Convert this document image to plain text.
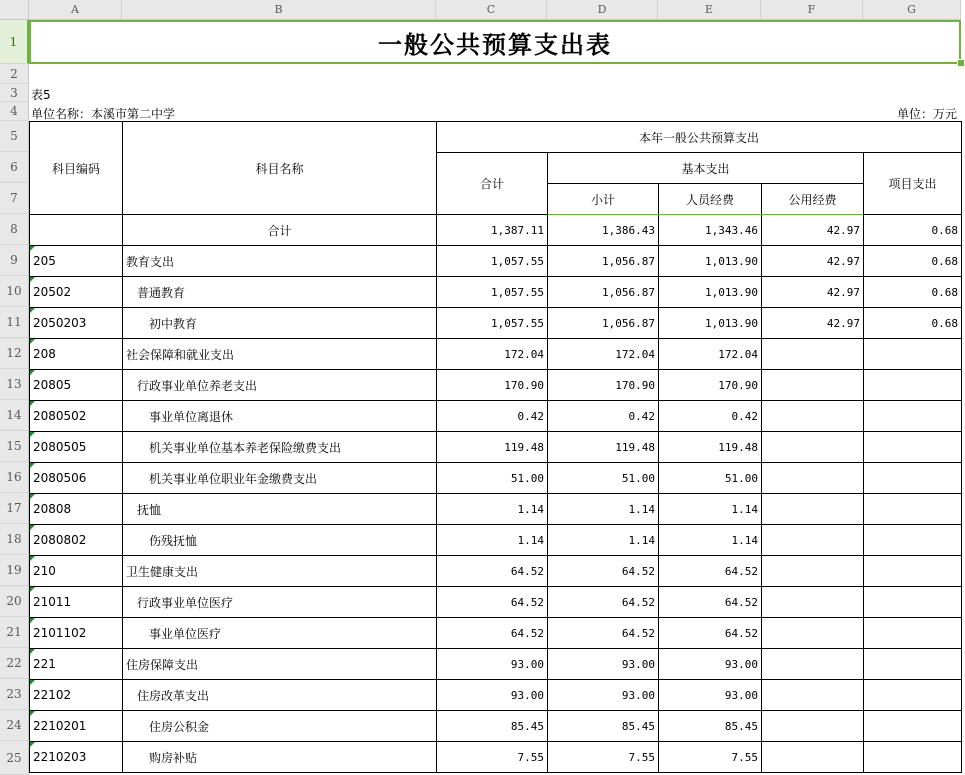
A	B	C	D	E	F	G
1
2
3
4
5
6
7
8
9
10
11
12
13
14
15
16
17
18
19
20
21
22
23
24
25
一般公共预算支出表
表5
单位名称：本溪市第二中学	单位：万元
科目编码	科目名称	本年一般公共预算支出				
		合计	基本支出			项目支出
			小计	人员经费	公用经费	
	合计	1,387.11	1,386.43	1,343.46	42.97	0.68

205	教育支出	1,057.55	1,056.87	1,013.90	42.97	0.68

20502	普通教育	1,057.55	1,056.87	1,013.90	42.97	0.68

2050203	初中教育	1,057.55	1,056.87	1,013.90	42.97	0.68

208	社会保障和就业支出	172.04	172.04	172.04		

20805	行政事业单位养老支出	170.90	170.90	170.90		

2080502	事业单位离退休	0.42	0.42	0.42		

2080505	机关事业单位基本养老保险缴费支出	119.48	119.48	119.48		

2080506	机关事业单位职业年金缴费支出	51.00	51.00	51.00		

20808	抚恤	1.14	1.14	1.14		

2080802	伤残抚恤	1.14	1.14	1.14		

210	卫生健康支出	64.52	64.52	64.52		

21011	行政事业单位医疗	64.52	64.52	64.52		

2101102	事业单位医疗	64.52	64.52	64.52		

221	住房保障支出	93.00	93.00	93.00		

22102	住房改革支出	93.00	93.00	93.00		

2210201	住房公积金	85.45	85.45	85.45		

2210203	购房补贴	7.55	7.55	7.55		
